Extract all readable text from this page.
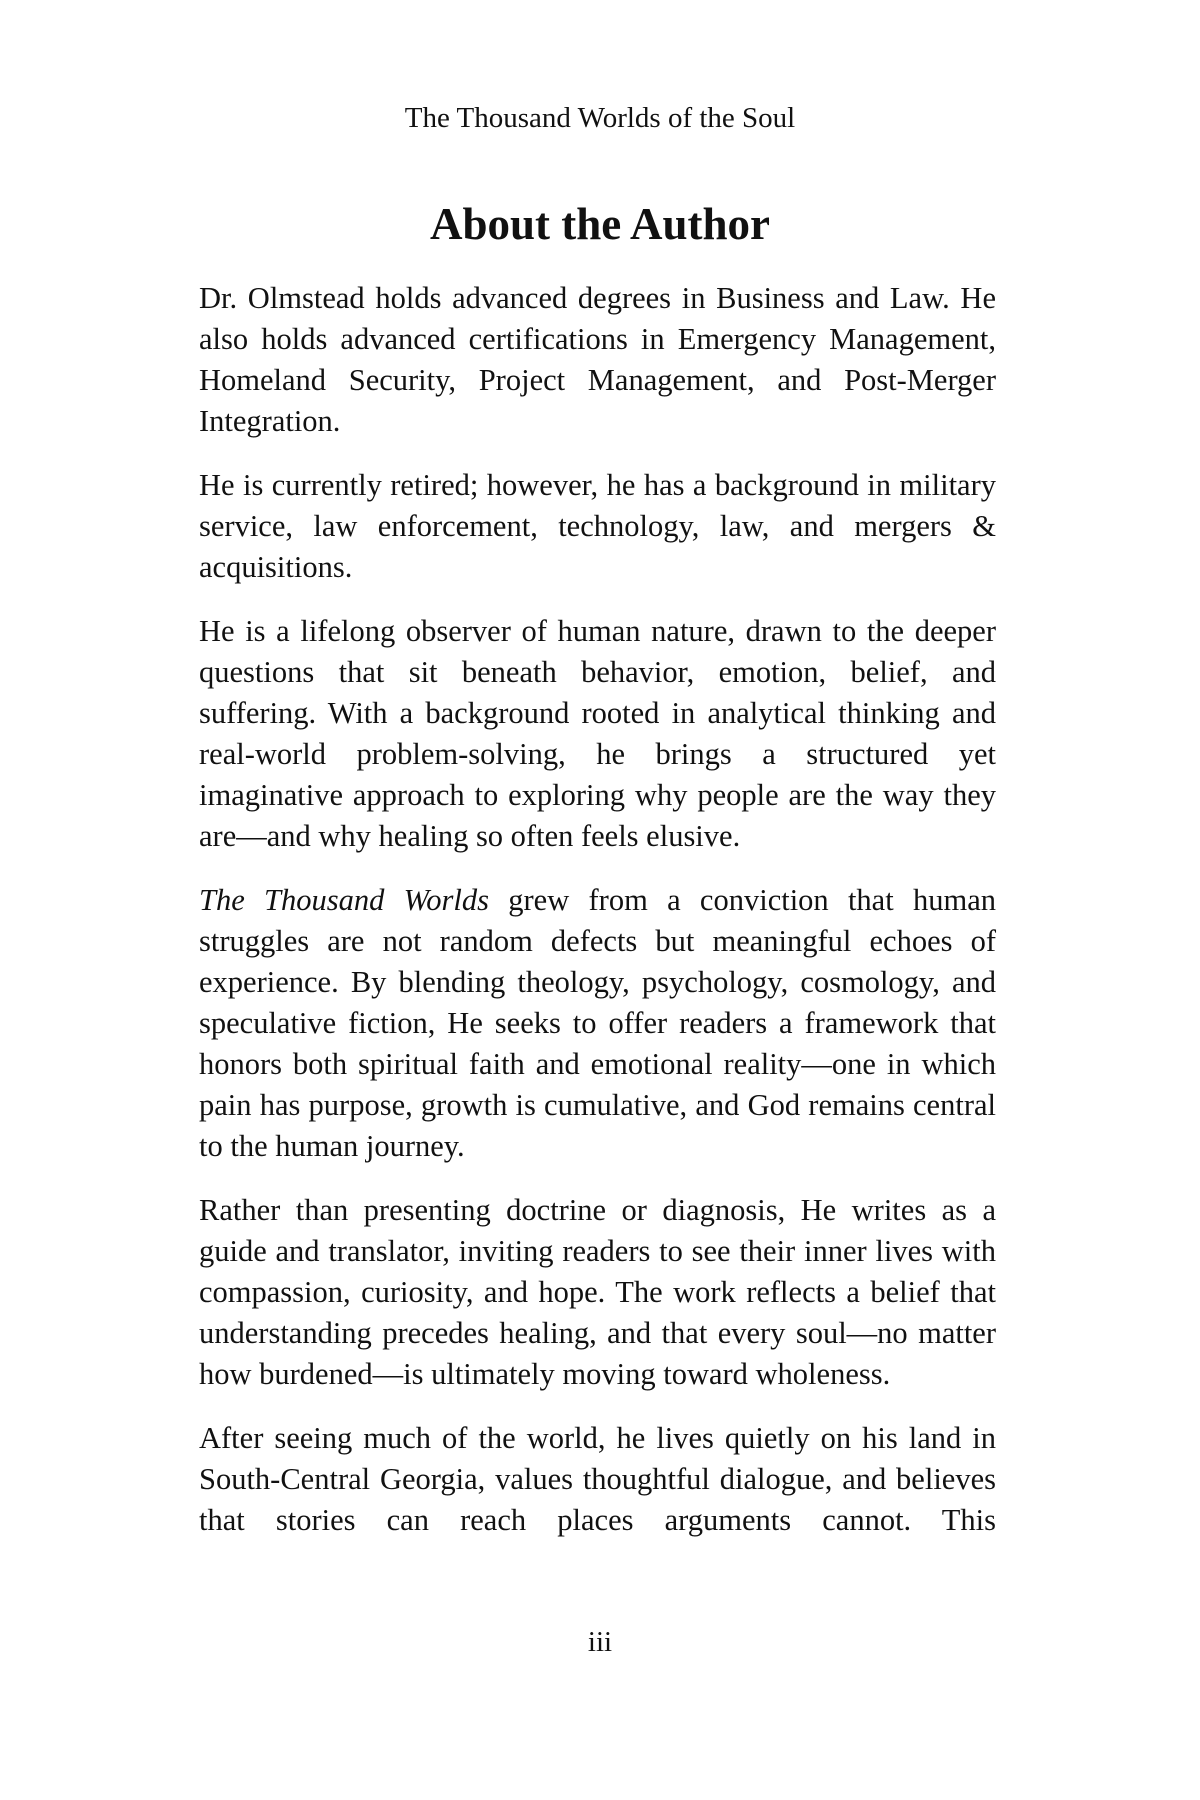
The Thousand Worlds of the Soul
About the Author

Dr. Olmstead holds advanced degrees in Business and Law. He also holds advanced certifications in Emergency Management, Homeland Security, Project Management, and Post-Merger Integration.

He is currently retired; however, he has a background in military service, law enforcement, technology, law, and mergers & acquisitions.

He is a lifelong observer of human nature, drawn to the deeper questions that sit beneath behavior, emotion, belief, and suffering. With a background rooted in analytical thinking and real-world problem-solving, he brings a structured yet imaginative approach to exploring why people are the way they are—and why healing so often feels elusive.

The Thousand Worlds grew from a conviction that human struggles are not random defects but meaningful echoes of experience. By blending theology, psychology, cosmology, and speculative fiction, He seeks to offer readers a framework that honors both spiritual faith and emotional reality—one in which pain has purpose, growth is cumulative, and God remains central to the human journey.

Rather than presenting doctrine or diagnosis, He writes as a guide and translator, inviting readers to see their inner lives with compassion, curiosity, and hope. The work reflects a belief that understanding precedes healing, and that every soul—no matter how burdened—is ultimately moving toward wholeness.

After seeing much of the world, he lives quietly on his land in South-Central Georgia, values thoughtful dialogue, and believes that stories can reach places arguments cannot. This

iii
